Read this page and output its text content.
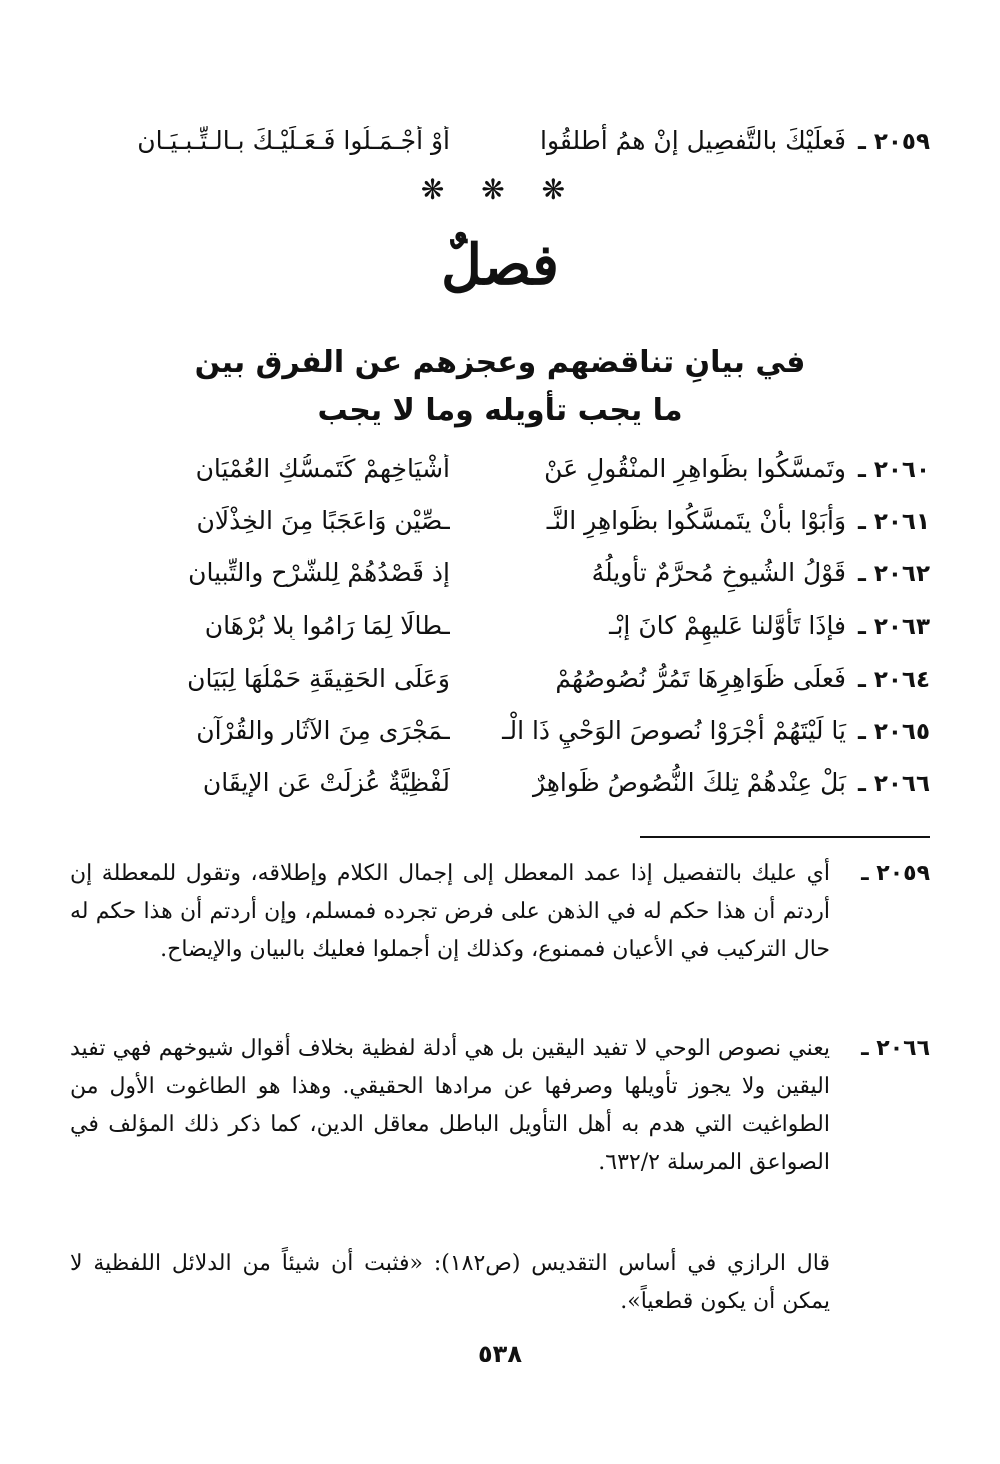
٢٠٥٩ ـ فَعلَيْكَ بالتَّفصِيل إنْ همُ أطلقُوا
أوْ أجْـمَـلُوا فَـعَـلَيْـكَ بـالـتِّـبـيَـانِ
❋ ❋ ❋
فصلٌ
في بيانِ تناقضهم وعجزهم عن الفرق بين
ما يجب تأويله وما لا يجب
٢٠٦٠ ـ وتَمسَّكُوا بظَواهِرِ المنْقُولِ عَنْ
أشْيَاخِهِمْ كَتَمسُّكِ العُمْيَانِ
٢٠٦١ ـ وَأبَوْا بأنْ يتَمسَّكُوا بظَواهِرِ النَّـ
ـصِّيْنِ وَاعَجَبًا مِنَ الخِذْلَانِ
٢٠٦٢ ـ قَوْلُ الشُيوخِ مُحرَّمٌ تأويلُهُ
إذ قَصْدُهُمْ لِلشَّرْحِ والتِّبيانِ
٢٠٦٣ ـ فإذَا تَأوَّلنا عَليهِمْ كانَ إبْـ
ـطالًا لِمَا رَامُوا بِلا بُرْهَانِ
٢٠٦٤ ـ فَعلَى ظَوَاهِرِهَا تَمُرُّ نُصُوصُهُمْ
وَعَلَى الحَقِيقَةِ حَمْلُهَا لِبَيَانِ
٢٠٦٥ ـ يَا لَيْتَهُمْ أجْرَوْا نُصوصَ الوَحْيِ ذَا الْـ
ـمَجْرَى مِنَ الآثَارِ والقُرْآنِ
٢٠٦٦ ـ بَلْ عِنْدهُمْ تِلكَ النُّصُوصُ ظَواهِرٌ
لَفْظِيَّةٌ عُزِلَتْ عَنِ الإيقَانِ
٢٠٥٩ ـ
أي عليك بالتفصيل إذا عمد المعطل إلى إجمال الكلام وإطلاقه، وتقول للمعطلة إن أردتم أن هذا حكم له في الذهن على فرض تجرده فمسلم، وإن أردتم أن هذا حكم له حال التركيب في الأعيان فممنوع، وكذلك إن أجملوا فعليك بالبيان والإيضاح.
٢٠٦٦ ـ
يعني نصوص الوحي لا تفيد اليقين بل هي أدلة لفظية بخلاف أقوال شيوخهم فهي تفيد اليقين ولا يجوز تأويلها وصرفها عن مرادها الحقيقي. وهذا هو الطاغوت الأول من الطواغيت التي هدم به أهل التأويل الباطل معاقل الدين، كما ذكر ذلك المؤلف في الصواعق المرسلة ٦٣٢/٢.
قال الرازي في أساس التقديس (ص١٨٢): «فثبت أن شيئاً من الدلائل اللفظية لا يمكن أن يكون قطعياً».
٥٣٨
